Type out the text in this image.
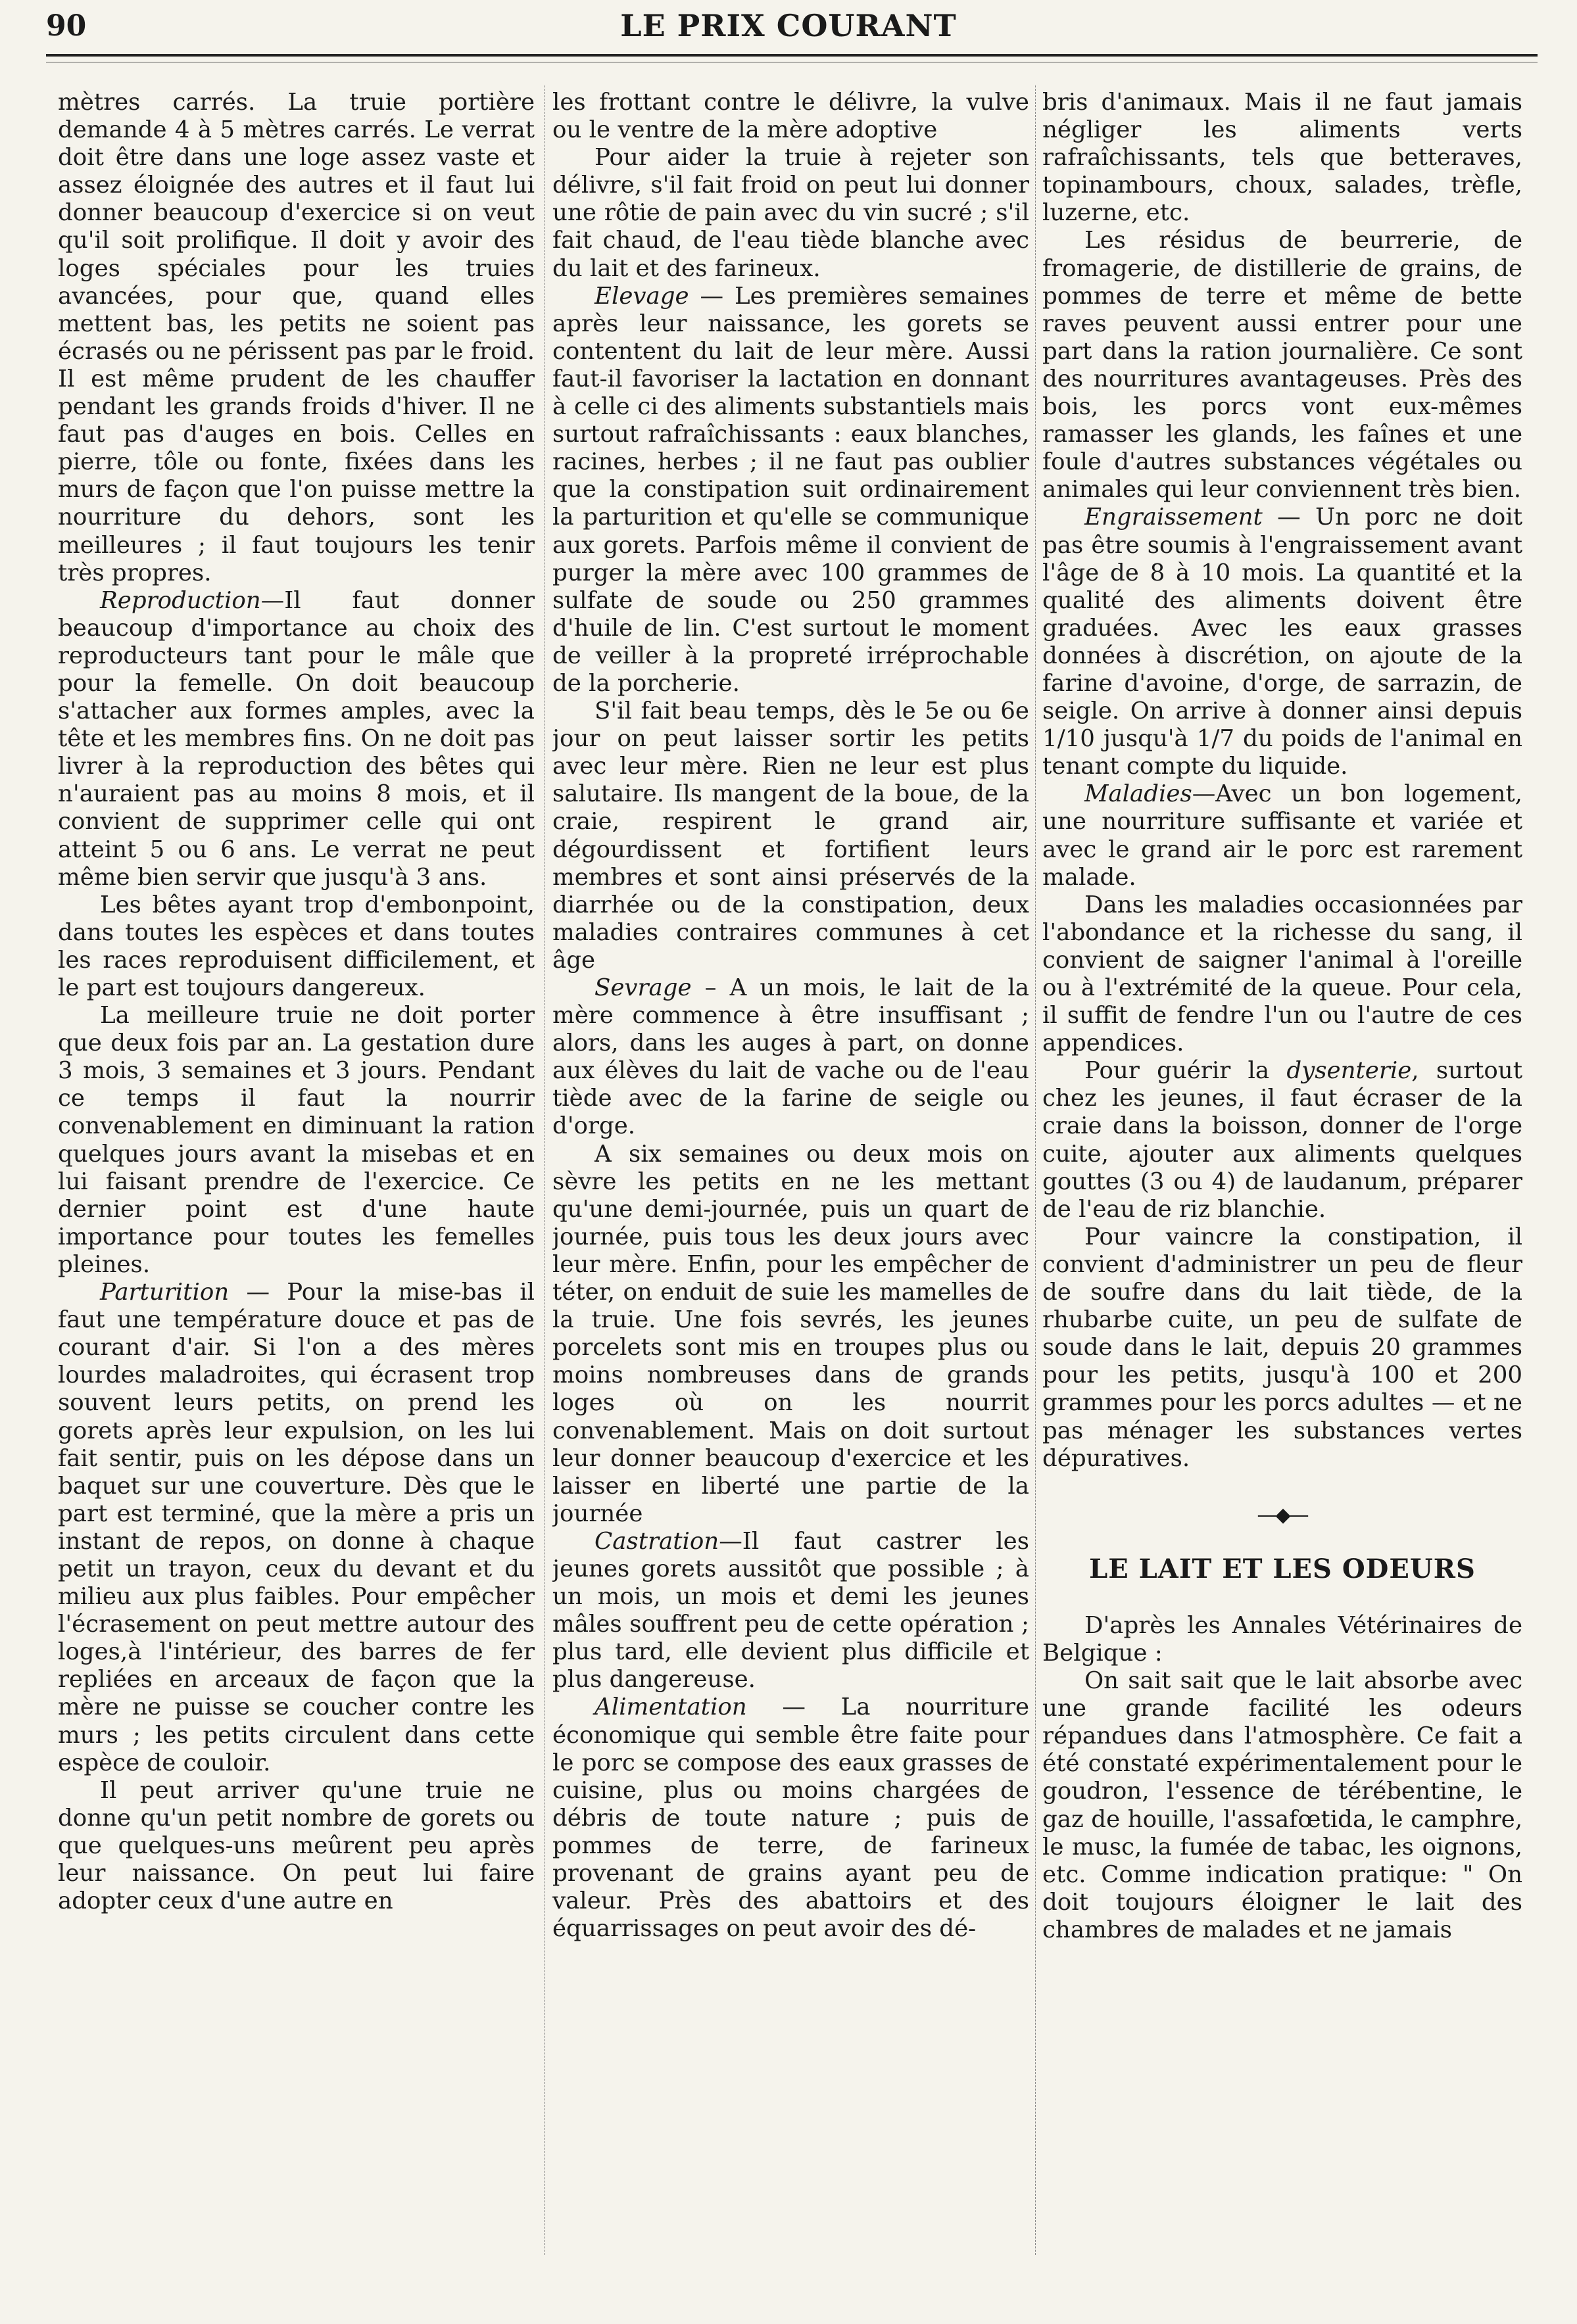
90	LE PRIX COURANT

mètres carrés. La truie portière demande 4 à 5 mètres carrés. Le verrat doit être dans une loge assez vaste et assez éloignée des autres et il faut lui donner beaucoup d'exercice si on veut qu'il soit prolifique. Il doit y avoir des loges spéciales pour les truies avancées, pour que, quand elles mettent bas, les petits ne soient pas écrasés ou ne périssent pas par le froid. Il est même prudent de les chauffer pendant les grands froids d'hiver. Il ne faut pas d'auges en bois. Celles en pierre, tôle ou fonte, fixées dans les murs de façon que l'on puisse mettre la nourriture du dehors, sont les meilleures ; il faut toujours les tenir très propres.

Reproduction—Il faut donner beaucoup d'importance au choix des reproducteurs tant pour le mâle que pour la femelle. On doit beaucoup s'attacher aux formes amples, avec la tête et les membres fins. On ne doit pas livrer à la reproduction des bêtes qui n'auraient pas au moins 8 mois, et il convient de supprimer celle qui ont atteint 5 ou 6 ans. Le verrat ne peut même bien servir que jusqu'à 3 ans.

Les bêtes ayant trop d'embonpoint, dans toutes les espèces et dans toutes les races reproduisent difficilement, et le part est toujours dangereux.

La meilleure truie ne doit porter que deux fois par an. La gestation dure 3 mois, 3 semaines et 3 jours. Pendant ce temps il faut la nourrir convenablement en diminuant la ration quelques jours avant la misebas et en lui faisant prendre de l'exercice. Ce dernier point est d'une haute importance pour toutes les femelles pleines.

Parturition — Pour la mise-bas il faut une température douce et pas de courant d'air. Si l'on a des mères lourdes maladroites, qui écrasent trop souvent leurs petits, on prend les gorets après leur expulsion, on les lui fait sentir, puis on les dépose dans un baquet sur une couverture. Dès que le part est terminé, que la mère a pris un instant de repos, on donne à chaque petit un trayon, ceux du devant et du milieu aux plus faibles. Pour empêcher l'écrasement on peut mettre autour des loges,à l'intérieur, des barres de fer repliées en arceaux de façon que la mère ne puisse se coucher contre les murs ; les petits circulent dans cette espèce de couloir.

Il peut arriver qu'une truie ne donne qu'un petit nombre de gorets ou que quelques-uns meûrent peu après leur naissance. On peut lui faire adopter ceux d'une autre en

les frottant contre le délivre, la vulve ou le ventre de la mère adoptive

Pour aider la truie à rejeter son délivre, s'il fait froid on peut lui donner une rôtie de pain avec du vin sucré ; s'il fait chaud, de l'eau tiède blanche avec du lait et des farineux.

Elevage — Les premières semaines après leur naissance, les gorets se contentent du lait de leur mère. Aussi faut-il favoriser la lactation en donnant à celle ci des aliments substantiels mais surtout rafraîchissants : eaux blanches, racines, herbes ; il ne faut pas oublier que la constipation suit ordinairement la parturition et qu'elle se communique aux gorets. Parfois même il convient de purger la mère avec 100 grammes de sulfate de soude ou 250 grammes d'huile de lin. C'est surtout le moment de veiller à la propreté irréprochable de la porcherie.

S'il fait beau temps, dès le 5e ou 6e jour on peut laisser sortir les petits avec leur mère. Rien ne leur est plus salutaire. Ils mangent de la boue, de la craie, respirent le grand air, dégourdissent et fortifient leurs membres et sont ainsi préservés de la diarrhée ou de la constipation, deux maladies contraires communes à cet âge

Sevrage – A un mois, le lait de la mère commence à être insuffisant ; alors, dans les auges à part, on donne aux élèves du lait de vache ou de l'eau tiède avec de la farine de seigle ou d'orge.

A six semaines ou deux mois on sèvre les petits en ne les mettant qu'une demi-journée, puis un quart de journée, puis tous les deux jours avec leur mère. Enfin, pour les empêcher de téter, on enduit de suie les mamelles de la truie. Une fois sevrés, les jeunes porcelets sont mis en troupes plus ou moins nombreuses dans de grands loges où on les nourrit convenablement. Mais on doit surtout leur donner beaucoup d'exercice et les laisser en liberté une partie de la journée

Castration—Il faut castrer les jeunes gorets aussitôt que possible ; à un mois, un mois et demi les jeunes mâles souffrent peu de cette opération ; plus tard, elle devient plus difficile et plus dangereuse.

Alimentation — La nourriture économique qui semble être faite pour le porc se compose des eaux grasses de cuisine, plus ou moins chargées de débris de toute nature ; puis de pommes de terre, de farineux provenant de grains ayant peu de valeur. Près des abattoirs et des équarrissages on peut avoir des dé-

bris d'animaux. Mais il ne faut jamais négliger les aliments verts rafraîchissants, tels que betteraves, topinambours, choux, salades, trèfle, luzerne, etc.

Les résidus de beurrerie, de fromagerie, de distillerie de grains, de pommes de terre et même de bette raves peuvent aussi entrer pour une part dans la ration journalière. Ce sont des nourritures avantageuses. Près des bois, les porcs vont eux-mêmes ramasser les glands, les faînes et une foule d'autres substances végétales ou animales qui leur conviennent très bien.

Engraissement — Un porc ne doit pas être soumis à l'engraissement avant l'âge de 8 à 10 mois. La quantité et la qualité des aliments doivent être graduées. Avec les eaux grasses données à discrétion, on ajoute de la farine d'avoine, d'orge, de sarrazin, de seigle. On arrive à donner ainsi depuis 1/10 jusqu'à 1/7 du poids de l'animal en tenant compte du liquide.

Maladies—Avec un bon logement, une nourriture suffisante et variée et avec le grand air le porc est rarement malade.

Dans les maladies occasionnées par l'abondance et la richesse du sang, il convient de saigner l'animal à l'oreille ou à l'extrémité de la queue. Pour cela, il suffit de fendre l'un ou l'autre de ces appendices.

Pour guérir la dysenterie, surtout chez les jeunes, il faut écraser de la craie dans la boisson, donner de l'orge cuite, ajouter aux aliments quelques gouttes (3 ou 4) de laudanum, préparer de l'eau de riz blanchie.

Pour vaincre la constipation, il convient d'administrer un peu de fleur de soufre dans du lait tiède, de la rhubarbe cuite, un peu de sulfate de soude dans le lait, depuis 20 grammes pour les petits, jusqu'à 100 et 200 grammes pour les porcs adultes — et ne pas ménager les substances vertes dépuratives.

—◆—
LE LAIT ET LES ODEURS

D'après les Annales Vétérinaires de Belgique :

On sait sait que le lait absorbe avec une grande facilité les odeurs répandues dans l'atmosphère. Ce fait a été constaté expérimentalement pour le goudron, l'essence de térébentine, le gaz de houille, l'assafœtida, le camphre, le musc, la fumée de tabac, les oignons, etc. Comme indication pratique: " On doit toujours éloigner le lait des chambres de malades et ne jamais
